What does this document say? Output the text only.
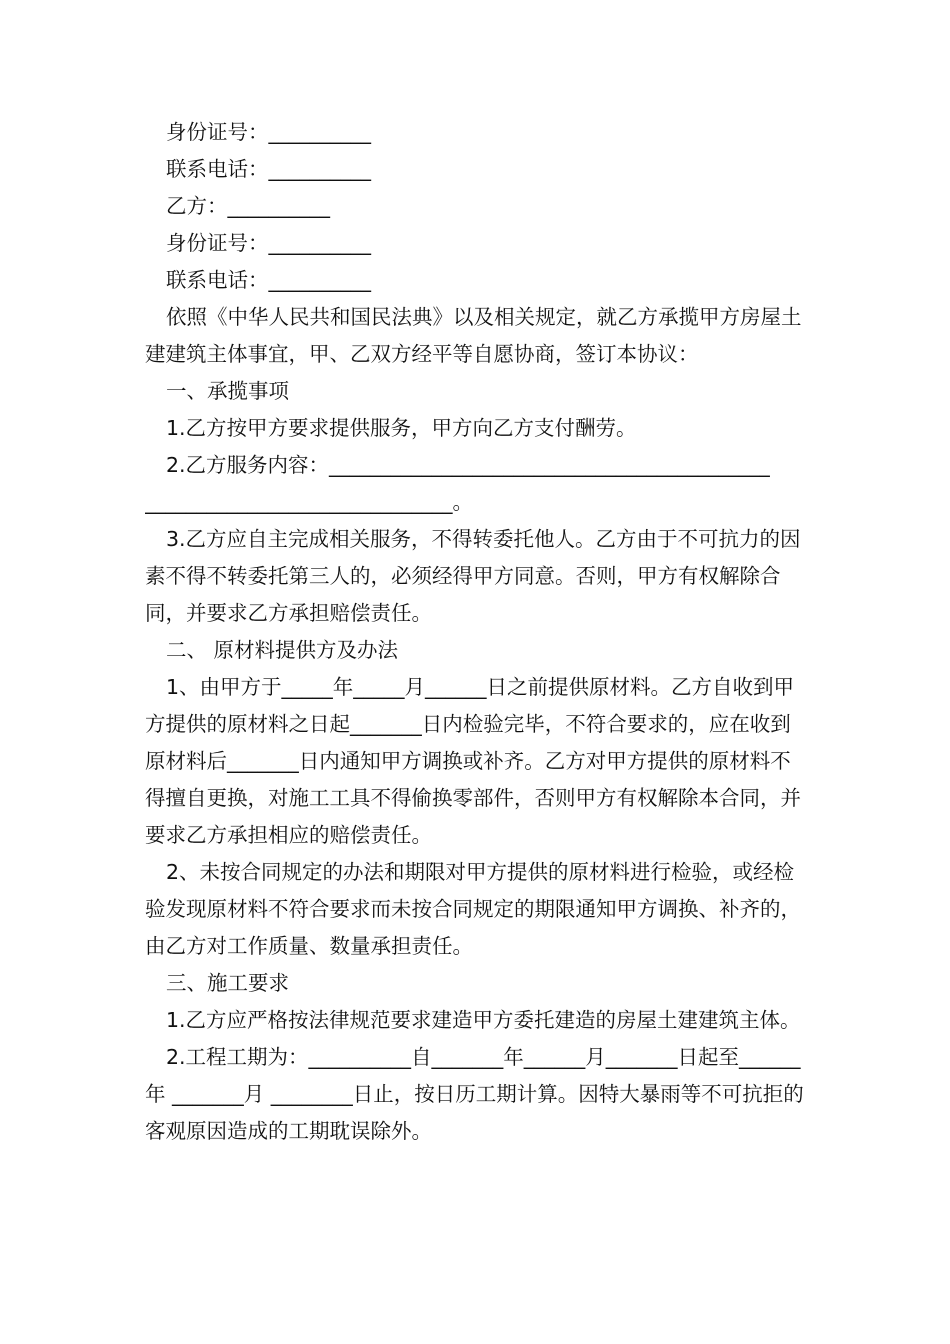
身份证号：__________
联系电话：__________
乙方：__________
身份证号：__________
联系电话：__________
依照《中华人民共和国民法典》以及相关规定，就乙方承揽甲方房屋土建建筑主体事宜，甲、乙双方经平等自愿协商，签订本协议：
一、承揽事项
1.乙方按甲方要求提供服务，甲方向乙方支付酬劳。
2.乙方服务内容：___________________________________________
______________________________。
3.乙方应自主完成相关服务，不得转委托他人。乙方由于不可抗力的因素不得不转委托第三人的，必须经得甲方同意。否则，甲方有权解除合同，并要求乙方承担赔偿责任。
二、 原材料提供方及办法
1、由甲方于_____年_____月______日之前提供原材料。乙方自收到甲方提供的原材料之日起_______日内检验完毕，不符合要求的，应在收到原材料后_______日内通知甲方调换或补齐。乙方对甲方提供的原材料不得擅自更换，对施工工具不得偷换零部件，否则甲方有权解除本合同，并要求乙方承担相应的赔偿责任。
2、未按合同规定的办法和期限对甲方提供的原材料进行检验，或经检验发现原材料不符合要求而未按合同规定的期限通知甲方调换、补齐的，由乙方对工作质量、数量承担责任。
三、施工要求
1.乙方应严格按法律规范要求建造甲方委托建造的房屋土建建筑主体。
2.工程工期为：__________自_______年______月_______日起至______年 _______月 ________日止，按日历工期计算。因特大暴雨等不可抗拒的客观原因造成的工期耽误除外。
